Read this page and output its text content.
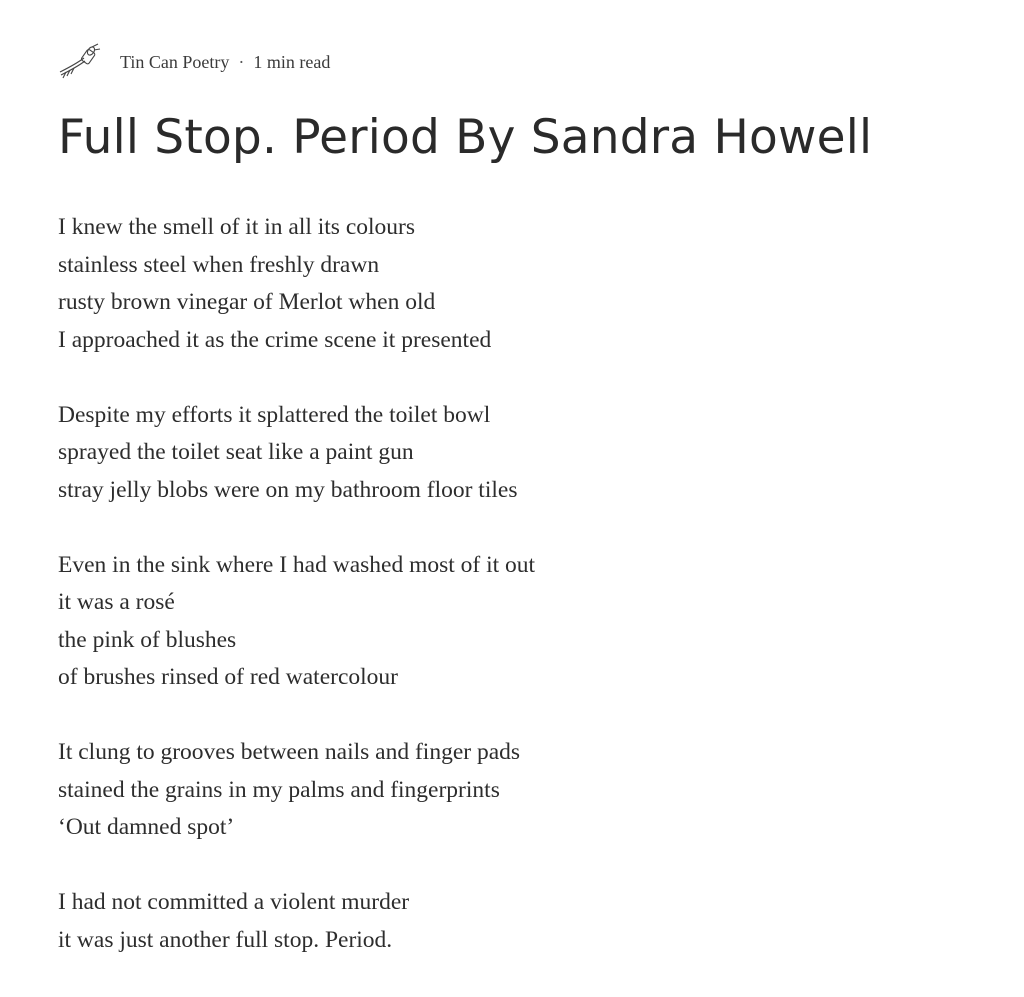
Tin Can Poetry · 1 min read
Full Stop. Period By Sandra Howell
I knew the smell of it in all its colours
stainless steel when freshly drawn
rusty brown vinegar of Merlot when old
I approached it as the crime scene it presented
Despite my efforts it splattered the toilet bowl
sprayed the toilet seat like a paint gun
stray jelly blobs were on my bathroom floor tiles
Even in the sink where I had washed most of it out
it was a rosé
the pink of blushes
of brushes rinsed of red watercolour
It clung to grooves between nails and finger pads
stained the grains in my palms and fingerprints
‘Out damned spot’
I had not committed a violent murder
it was just another full stop. Period.
